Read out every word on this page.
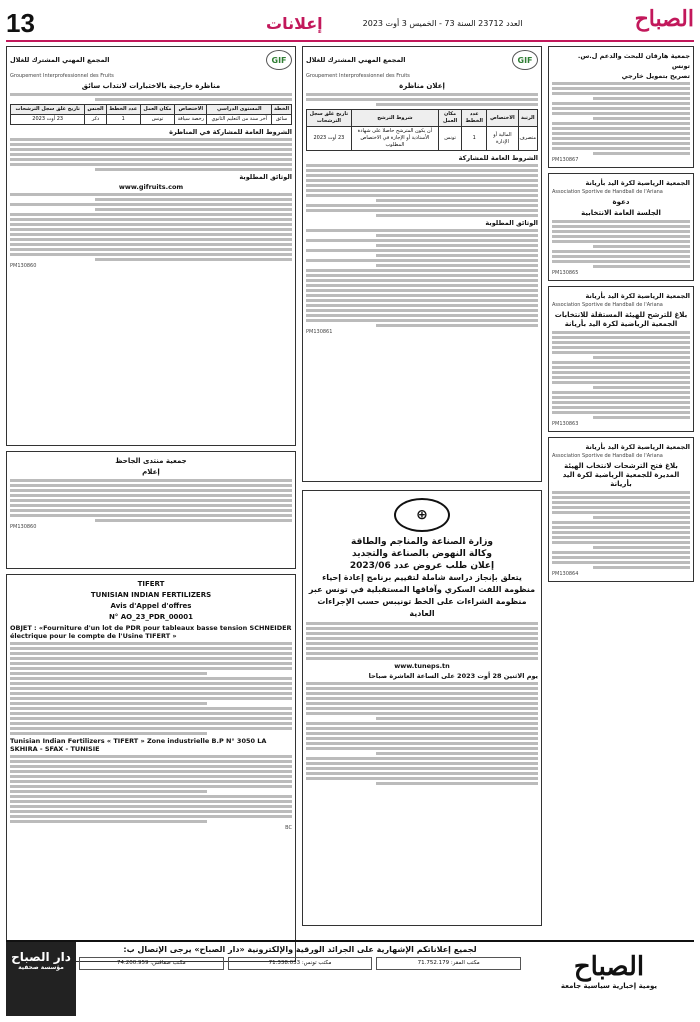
13	إعلانات	العدد 23712 السنة 73 - الخميس 3 أوت 2023	الصباح
جمعية هارقان للبحث والدعم ل.س.
تونس
تصريح بتمويل خارجي
PM130867
الجمعية الرياضية لكرة اليد بأريانة
Association Sportive de Handball de l'Ariana
دعوة
الجلسة العامة الانتخابية
PM130865
الجمعية الرياضية لكرة اليد بأريانة
Association Sportive de Handball de l'Ariana
بلاغ للترشح للهيئة المستقلة للانتخابات الجمعية الرياضية لكرة اليد بأريانة
PM130863
الجمعية الرياضية لكرة اليد بأريانة
Association Sportive de Handball de l'Ariana
بلاغ فتح الترشحات لانتخاب الهيئة المديرة للجمعية الرياضية لكرة اليد بأريانة
PM130864
GIF
المجمع المهني المشترك للغلال
Groupement Interprofessionnel des Fruits
إعلان مناظرة
الرتبة	الاختصاص	عدد الخطط	مكان العمل	شروط الترشح	تاريخ غلق سجل الترشحات
متصرف	المالية أو الإدارة	1	تونس	أن يكون المترشح حاصلا على شهادة الأستاذية أو الإجازة في الاختصاص المطلوب	23 أوت 2023
الشروط العامة للمشاركة
الوثائق المطلوبة
PM130861
⊕
وزارة الصناعة والمناجم والطاقة
وكالة النهوض بالصناعة والتجديد
إعلان طلب عروض عدد 2023/06
يتعلق بإنجاز دراسة شاملة لتقييم برنامج إعادة إحياء منظومة اللفت السكري وآفاقها المستقبلية في تونس عبر منظومة الشراءات على الخط تونيبس حسب الإجراءات العادية
www.tuneps.tn
يوم الاثنين 28 أوت 2023 على الساعة العاشرة صباحا
GIF
المجمع المهني المشترك للغلال
Groupement Interprofessionnel des Fruits
مناظرة خارجية بالاختبارات لانتداب سائق
الخطة	المستوى الدراسي	الاختصاص	مكان العمل	عدد الخطط	الجنس	تاريخ غلق سجل الترشحات
سائق	آخر سنة من التعليم الثانوي	رخصة سياقة	تونس	1	ذكر	23 أوت 2023
الشروط العامة للمشاركة في المناظرة
الوثائق المطلوبة
www.gifruits.com
PM130860
جمعية منتدى الجاحظ
إعلام
PM130860
TIFERT
TUNISIAN INDIAN FERTILIZERS
Avis d'Appel d'offres
N° AO_23_PDR_00001
OBJET : «Fourniture d'un lot de PDR pour tableaux basse tension SCHNEIDER électrique pour le compte de l'Usine TIFERT »
Tunisian Indian Fertilizers « TIFERT » Zone industrielle B.P N° 3050 LA SKHIRA - SFAX - TUNISIE
BC
دار الصباح
مؤسسة صحفية
لجميع إعلاناتكم الإشهارية على الجرائد الورقية والإلكترونية «دار الصباح» يرجى الإتصال ب:
مكتب المقر: 71.752.179
مكتب تونس: 71.338.033
مكتب صفاقس: 74.200.959	الصباح
يومية إخبارية سياسية جامعة
